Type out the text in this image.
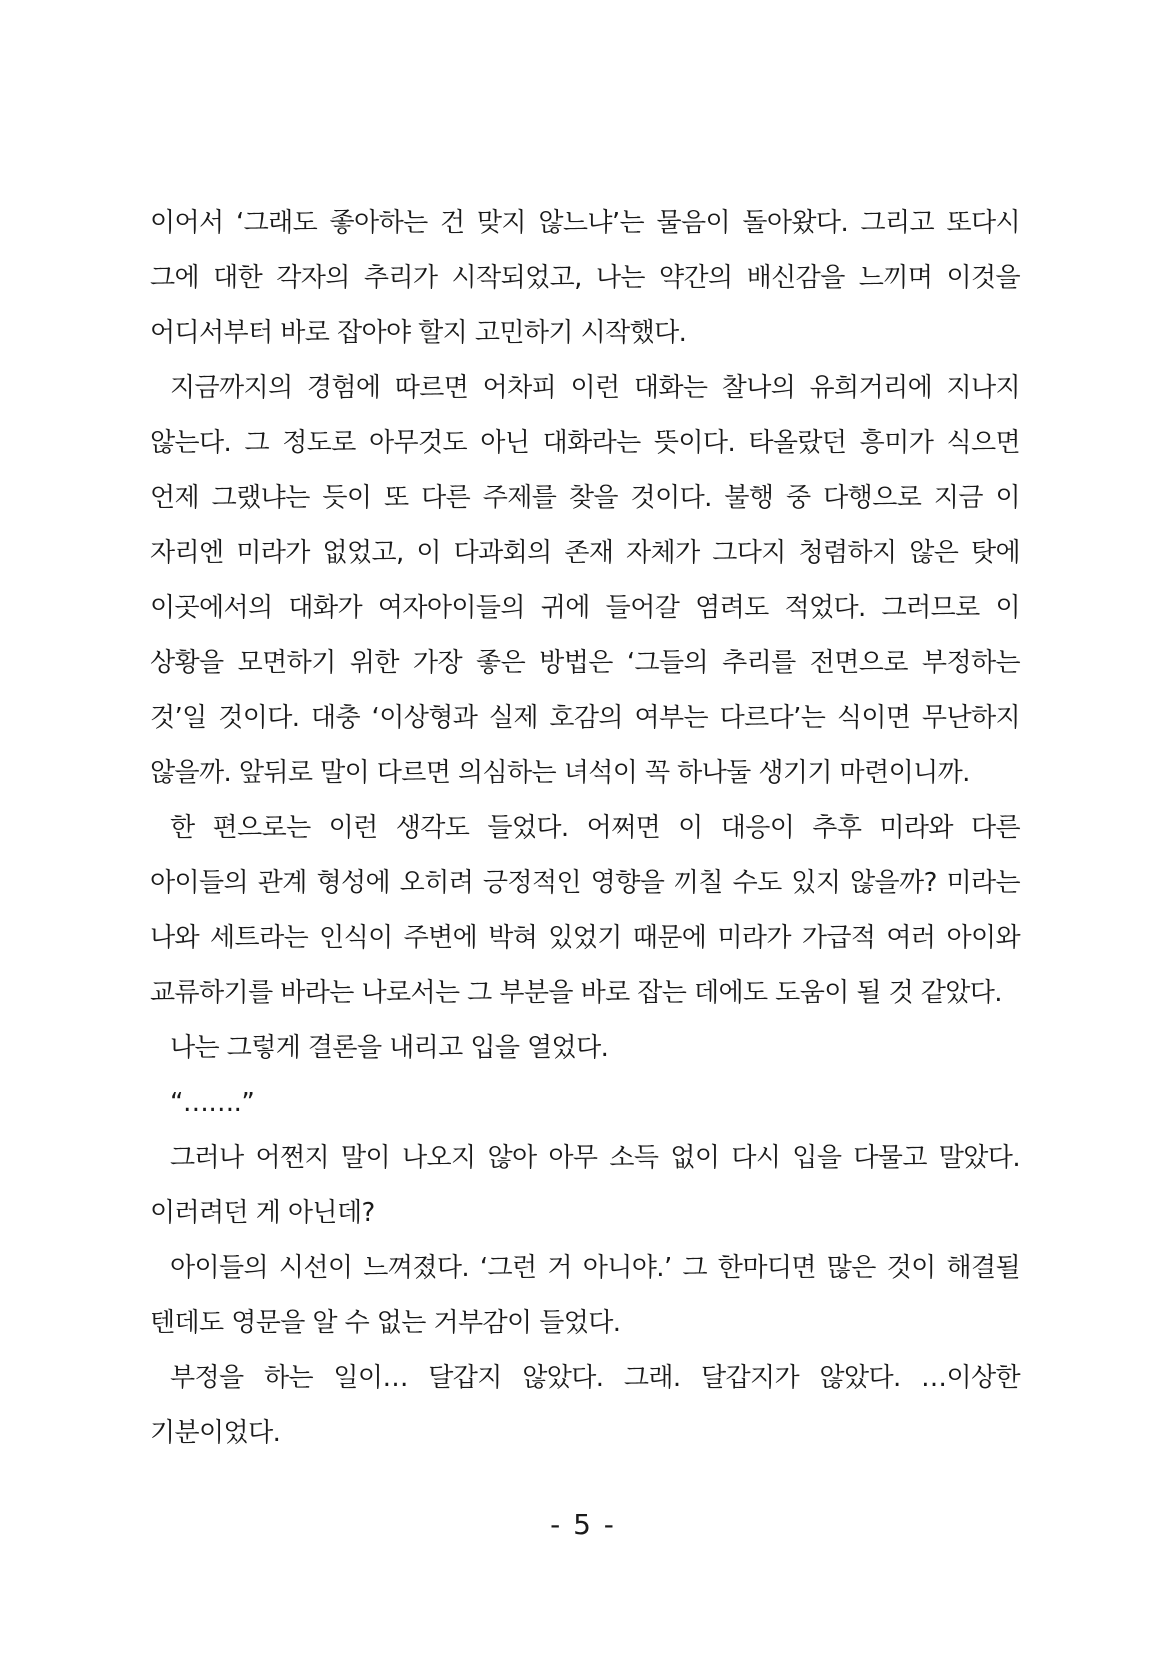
이어서 ‘그래도 좋아하는 건 맞지 않느냐’는 물음이 돌아왔다. 그리고 또다시 그에 대한 각자의 추리가 시작되었고, 나는 약간의 배신감을 느끼며 이것을 어디서부터 바로 잡아야 할지 고민하기 시작했다.

지금까지의 경험에 따르면 어차피 이런 대화는 찰나의 유희거리에 지나지 않는다. 그 정도로 아무것도 아닌 대화라는 뜻이다. 타올랐던 흥미가 식으면 언제 그랬냐는 듯이 또 다른 주제를 찾을 것이다. 불행 중 다행으로 지금 이 자리엔 미라가 없었고, 이 다과회의 존재 자체가 그다지 청렴하지 않은 탓에 이곳에서의 대화가 여자아이들의 귀에 들어갈 염려도 적었다. 그러므로 이 상황을 모면하기 위한 가장 좋은 방법은 ‘그들의 추리를 전면으로 부정하는 것’일 것이다. 대충 ‘이상형과 실제 호감의 여부는 다르다’는 식이면 무난하지 않을까. 앞뒤로 말이 다르면 의심하는 녀석이 꼭 하나둘 생기기 마련이니까.

한 편으로는 이런 생각도 들었다. 어쩌면 이 대응이 추후 미라와 다른 아이들의 관계 형성에 오히려 긍정적인 영향을 끼칠 수도 있지 않을까? 미라는 나와 세트라는 인식이 주변에 박혀 있었기 때문에 미라가 가급적 여러 아이와 교류하기를 바라는 나로서는 그 부분을 바로 잡는 데에도 도움이 될 것 같았다.

나는 그렇게 결론을 내리고 입을 열었다.

“…….”

그러나 어쩐지 말이 나오지 않아 아무 소득 없이 다시 입을 다물고 말았다. 이러려던 게 아닌데?

아이들의 시선이 느껴졌다. ‘그런 거 아니야.’ 그 한마디면 많은 것이 해결될 텐데도 영문을 알 수 없는 거부감이 들었다.

부정을 하는 일이… 달갑지 않았다. 그래. 달갑지가 않았다. …이상한 기분이었다.

- 5 -
